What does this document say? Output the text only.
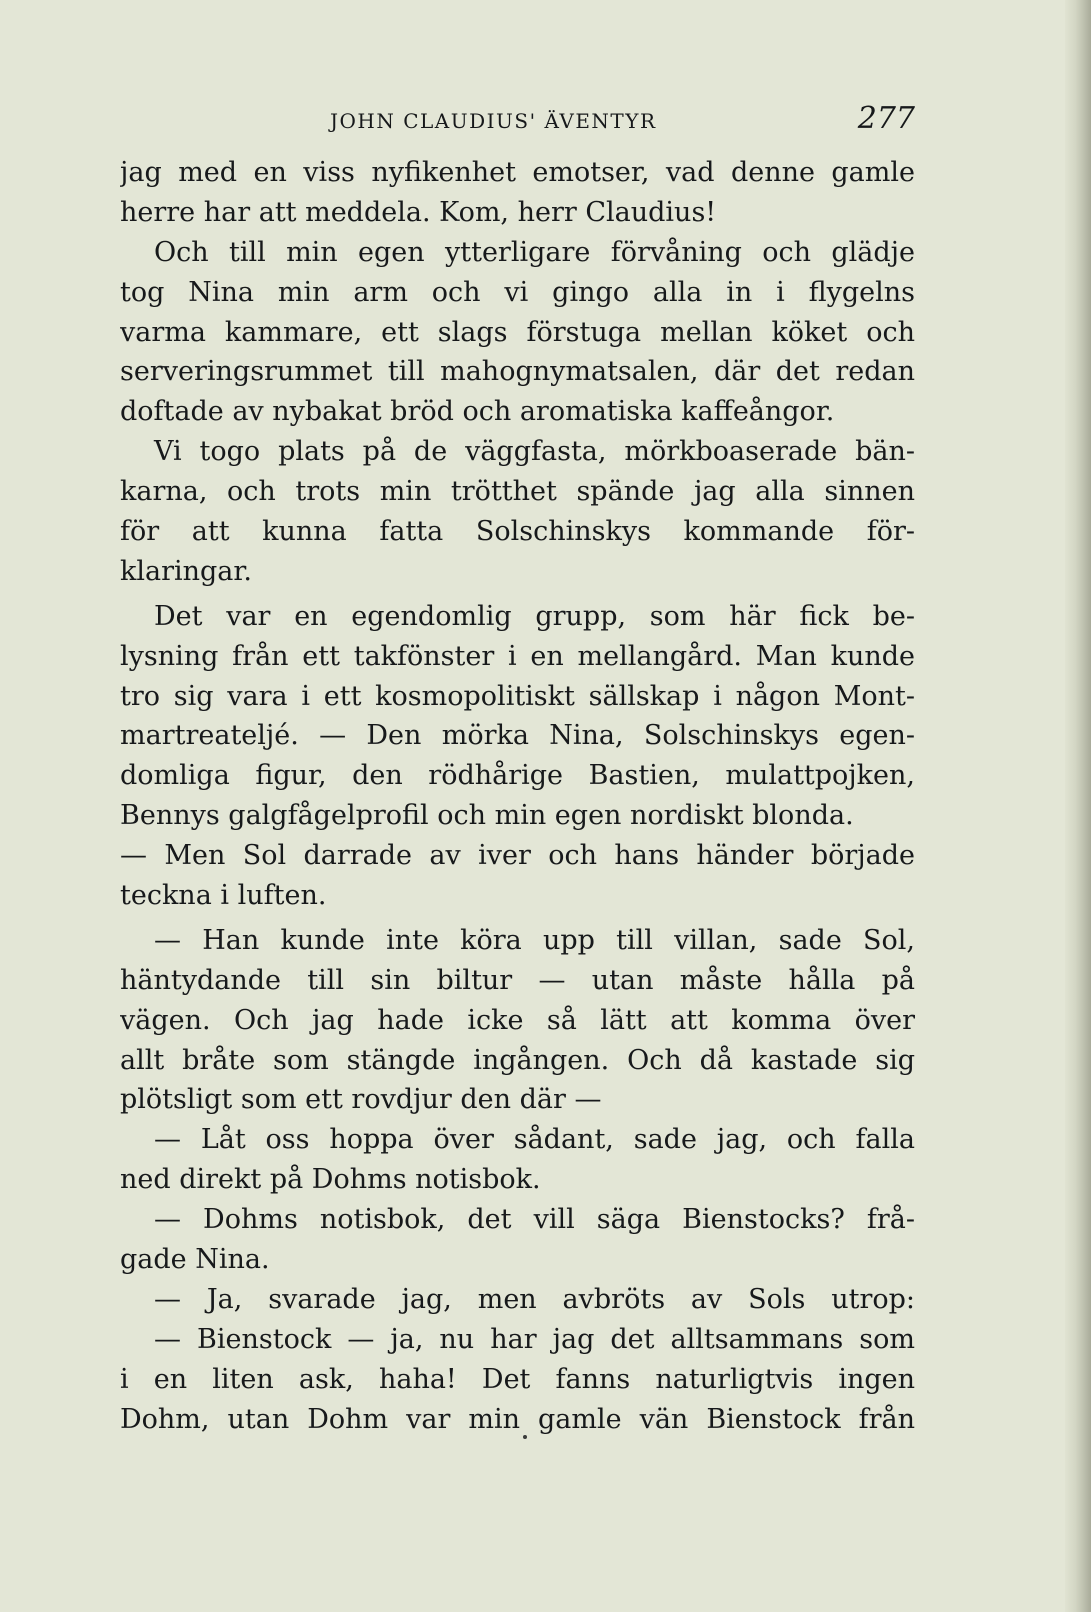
JOHN CLAUDIUS' ÄVENTYR	277
jag med en viss nyfikenhet emotser, vad denne gamle
herre har att meddela. Kom, herr Claudius!
Och till min egen ytterligare förvåning och glädje
tog Nina min arm och vi gingo alla in i flygelns
varma kammare, ett slags förstuga mellan köket och
serveringsrummet till mahognymatsalen, där det redan
doftade av nybakat bröd och aromatiska kaffeångor.
Vi togo plats på de väggfasta, mörkboaserade bän-
karna, och trots min trötthet spände jag alla sinnen
för att kunna fatta Solschinskys kommande för-
klaringar.
Det var en egendomlig grupp, som här fick be-
lysning från ett takfönster i en mellangård. Man kunde
tro sig vara i ett kosmopolitiskt sällskap i någon Mont-
martreatelјé. — Den mörka Nina, Solschinskys egen-
domliga figur, den rödhårige Bastien, mulattpojken,
Bennys galgfågelprofil och min egen nordiskt blonda.
— Men Sol darrade av iver och hans händer började
teckna i luften.
— Han kunde inte köra upp till villan, sade Sol,
häntydande till sin biltur — utan måste hålla på
vägen. Och jag hade icke så lätt att komma över
allt bråte som stängde ingången. Och då kastade sig
plötsligt som ett rovdjur den där —
— Låt oss hoppa över sådant, sade jag, och falla
ned direkt på Dohms notisbok.
— Dohms notisbok, det vill säga Bienstocks? frå-
gade Nina.
— Ja, svarade jag, men avbröts av Sols utrop:
— Bienstock — ja, nu har jag det alltsammans som
i en liten ask, haha! Det fanns naturligtvis ingen
Dohm, utan Dohm var min gamle vän Bienstock från
